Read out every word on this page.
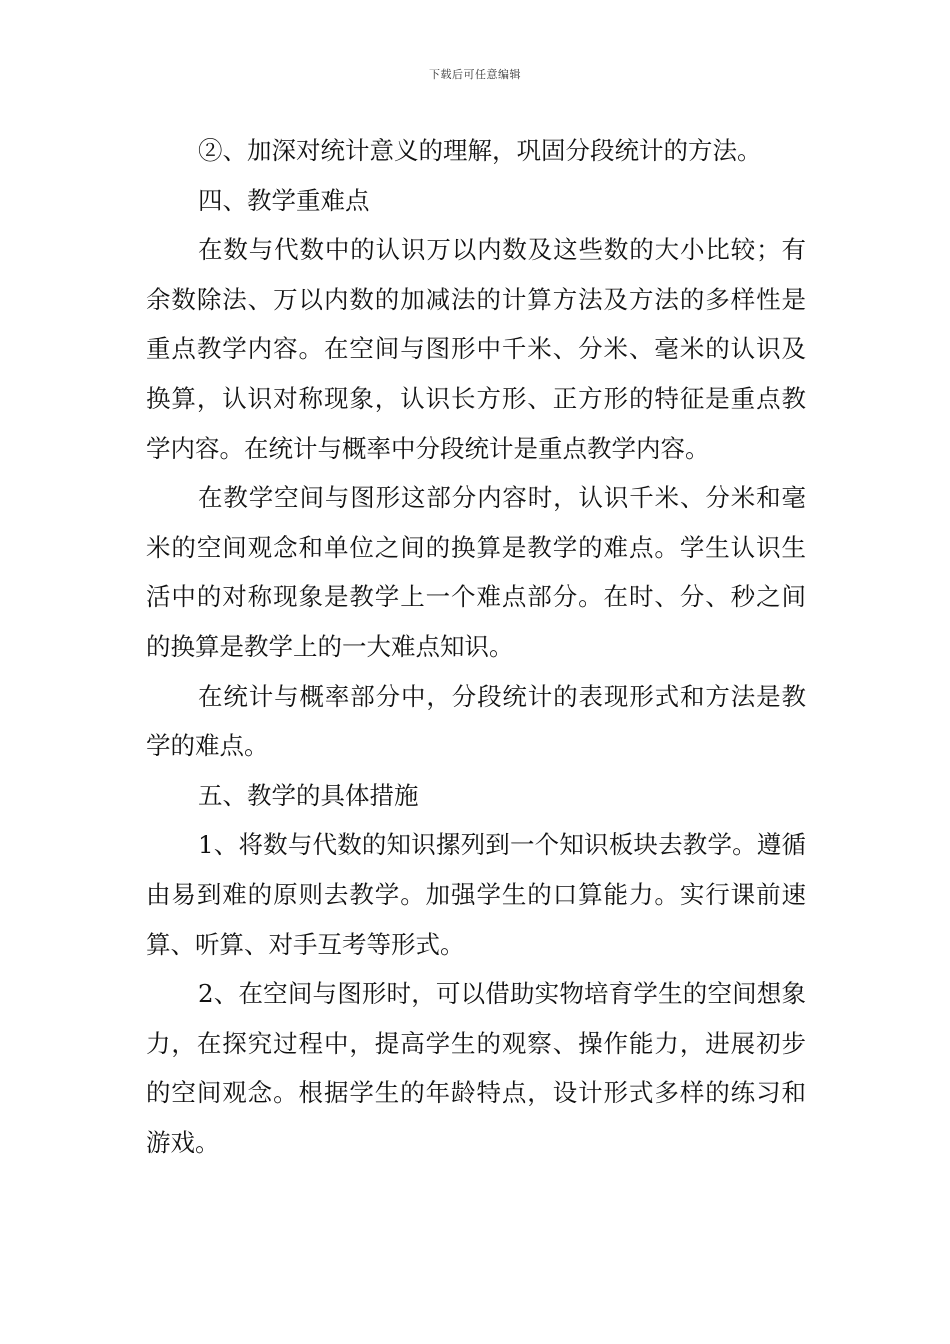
下载后可任意编辑

②、加深对统计意义的理解，巩固分段统计的方法。

四、教学重难点

在数与代数中的认识万以内数及这些数的大小比较；有余数除法、万以内数的加减法的计算方法及方法的多样性是重点教学内容。在空间与图形中千米、分米、毫米的认识及换算，认识对称现象，认识长方形、正方形的特征是重点教学内容。在统计与概率中分段统计是重点教学内容。

在教学空间与图形这部分内容时，认识千米、分米和毫米的空间观念和单位之间的换算是教学的难点。学生认识生活中的对称现象是教学上一个难点部分。在时、分、秒之间的换算是教学上的一大难点知识。

在统计与概率部分中，分段统计的表现形式和方法是教学的难点。

五、教学的具体措施

1、将数与代数的知识摞列到一个知识板块去教学。遵循由易到难的原则去教学。加强学生的口算能力。实行课前速算、听算、对手互考等形式。

2、在空间与图形时，可以借助实物培育学生的空间想象力，在探究过程中，提高学生的观察、操作能力，进展初步的空间观念。根据学生的年龄特点，设计形式多样的练习和游戏。
